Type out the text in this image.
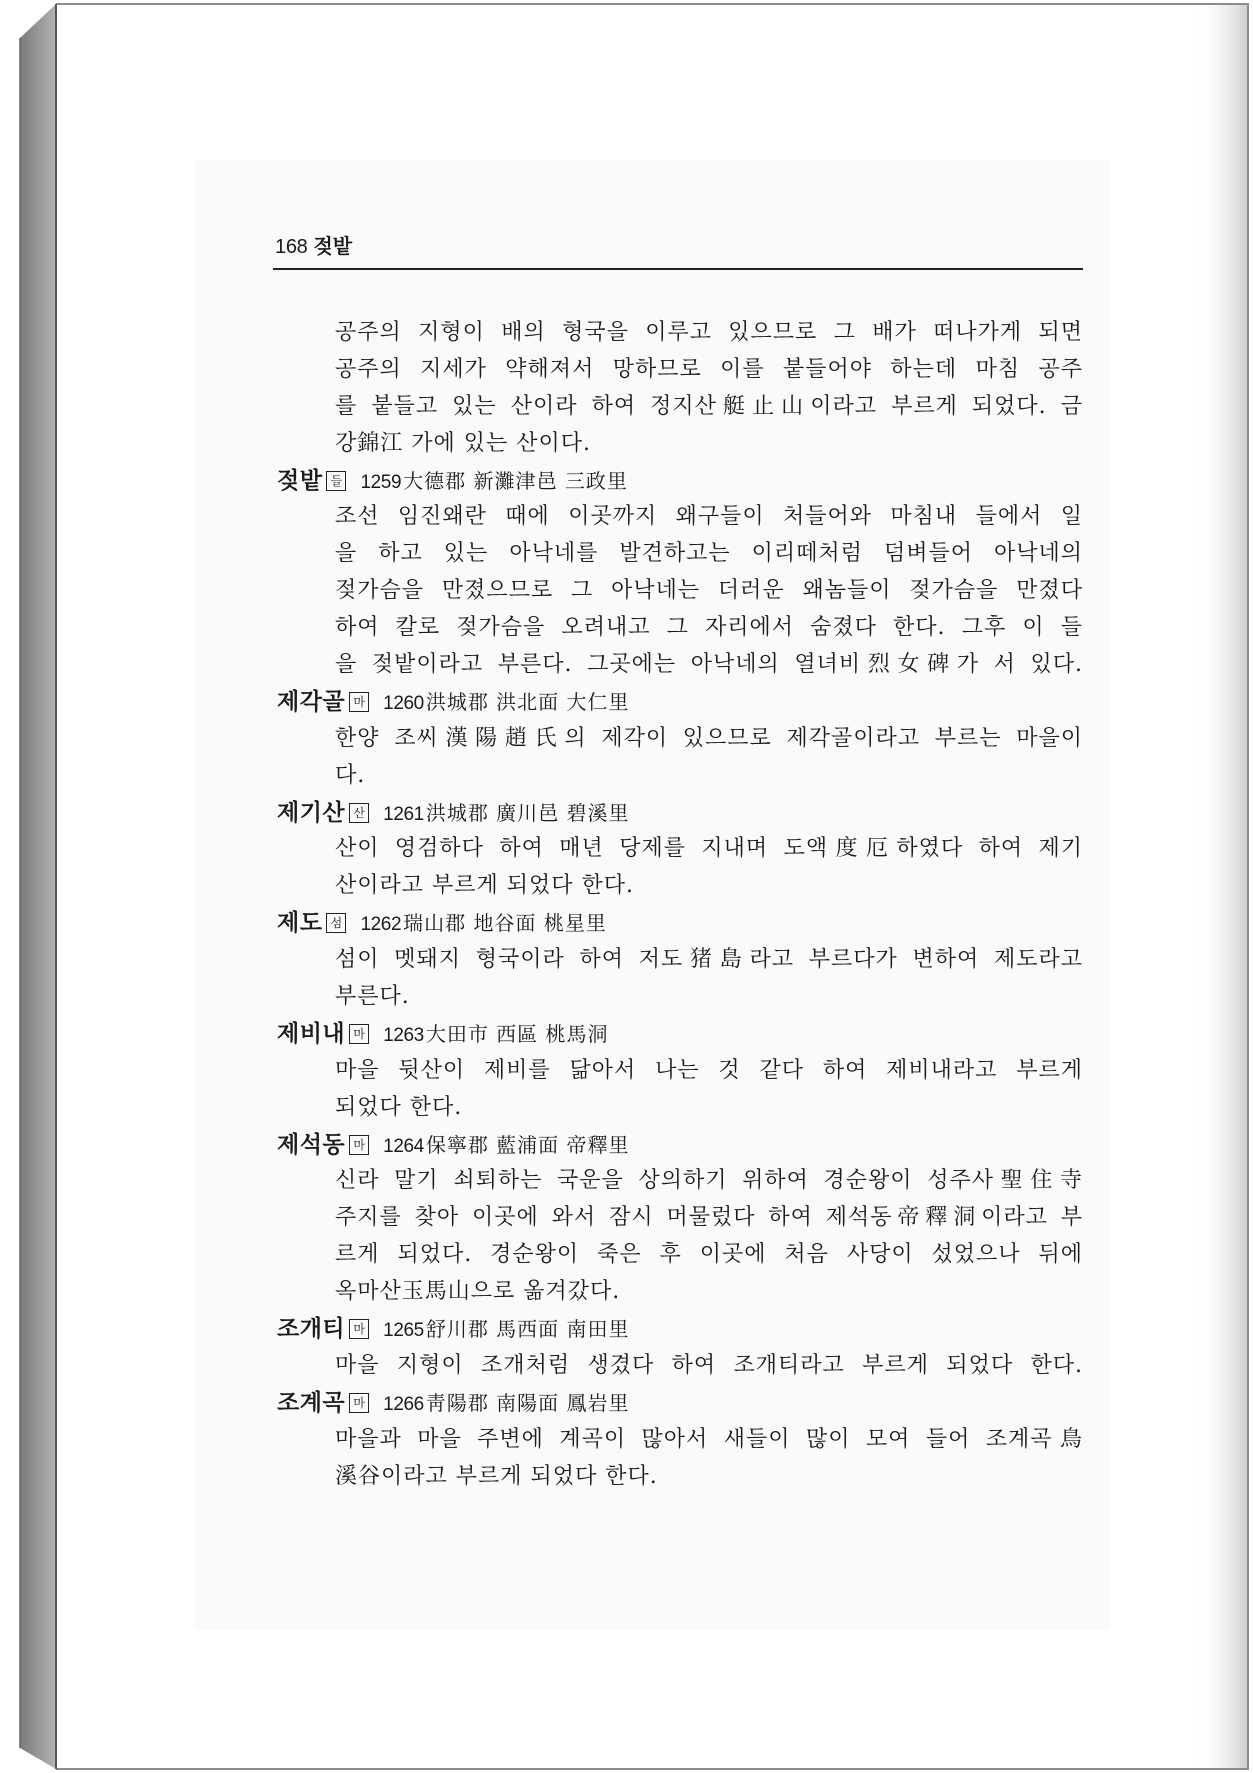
168 젖밭
공주의 지형이 배의 형국을 이루고 있으므로 그 배가 떠나가게 되면
공주의 지세가 약해져서 망하므로 이를 붙들어야 하는데 마침 공주
를 붙들고 있는 산이라 하여 정지산艇止山이라고 부르게 되었다. 금
강錦江 가에 있는 산이다.
젖밭 들 1259 大德郡 新灘津邑 三政里
조선 임진왜란 때에 이곳까지 왜구들이 처들어와 마침내 들에서 일
을 하고 있는 아낙네를 발견하고는 이리떼처럼 덤벼들어 아낙네의
젖가슴을 만졌으므로 그 아낙네는 더러운 왜놈들이 젖가슴을 만졌다
하여 칼로 젖가슴을 오려내고 그 자리에서 숨졌다 한다. 그후 이 들
을 젖밭이라고 부른다. 그곳에는 아낙네의 열녀비烈女碑가 서 있다.
제각골 마 1260 洪城郡 洪北面 大仁里
한양 조씨漢陽趙氏의 제각이 있으므로 제각골이라고 부르는 마을이
다.
제기산 산 1261 洪城郡 廣川邑 碧溪里
산이 영검하다 하여 매년 당제를 지내며 도액度厄하였다 하여 제기
산이라고 부르게 되었다 한다.
제도 섬 1262 瑞山郡 地谷面 桃星里
섬이 멧돼지 형국이라 하여 저도猪島라고 부르다가 변하여 제도라고
부른다.
제비내 마 1263 大田市 西區 桃馬洞
마을 뒷산이 제비를 닮아서 나는 것 같다 하여 제비내라고 부르게
되었다 한다.
제석동 마 1264 保寧郡 藍浦面 帝釋里
신라 말기 쇠퇴하는 국운을 상의하기 위하여 경순왕이 성주사聖住寺
주지를 찾아 이곳에 와서 잠시 머물렀다 하여 제석동帝釋洞이라고 부
르게 되었다. 경순왕이 죽은 후 이곳에 처음 사당이 섰었으나 뒤에
옥마산玉馬山으로 옮겨갔다.
조개티 마 1265 舒川郡 馬西面 南田里
마을 지형이 조개처럼 생겼다 하여 조개티라고 부르게 되었다 한다.
조계곡 마 1266 靑陽郡 南陽面 鳳岩里
마을과 마을 주변에 계곡이 많아서 새들이 많이 모여 들어 조계곡鳥
溪谷이라고 부르게 되었다 한다.
